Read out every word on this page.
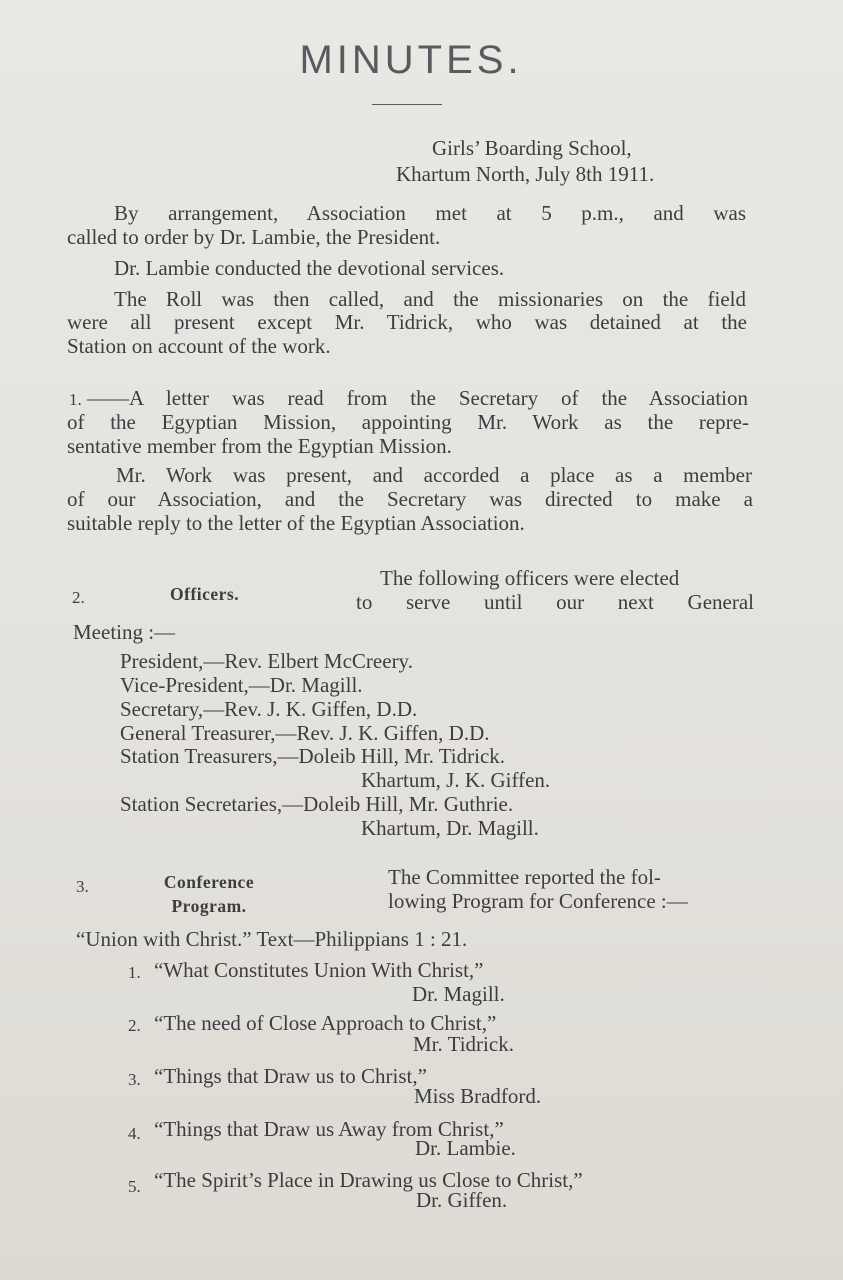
MINUTES.
Girls’ Boarding School,
Khartum North, July 8th 1911.
By arrangement, Association met at 5 p.m., and was
called to order by Dr. Lambie, the President.
Dr. Lambie conducted the devotional services.
The Roll was then called, and the missionaries on the field
were all present except Mr. Tidrick, who was detained at the
Station on account of the work.
1. ——A letter was read from the Secretary of the Association
of the Egyptian Mission, appointing Mr. Work as the repre-
sentative member from the Egyptian Mission.
Mr. Work was present, and accorded a place as a member
of our Association, and the Secretary was directed to make a
suitable reply to the letter of the Egyptian Association.
2.	Officers.
The following officers were elected
to serve until our next General
Meeting :—
President,—Rev. Elbert McCreery.
Vice-President,—Dr. Magill.
Secretary,—Rev. J. K. Giffen, D.D.
General Treasurer,—Rev. J. K. Giffen, D.D.
Station Treasurers,—Doleib Hill, Mr. Tidrick.
Khartum, J. K. Giffen.
Station Secretaries,—Doleib Hill, Mr. Guthrie.
Khartum, Dr. Magill.
3.	Conference
Program.
The Committee reported the fol-
lowing Program for Conference :—
“Union with Christ.” Text—Philippians 1 : 21.
1. “What Constitutes Union With Christ,”
Dr. Magill.
2. “The need of Close Approach to Christ,”
Mr. Tidrick.
3. “Things that Draw us to Christ,”
Miss Bradford.
4. “Things that Draw us Away from Christ,”
Dr. Lambie.
5. “The Spirit’s Place in Drawing us Close to Christ,”
Dr. Giffen.
